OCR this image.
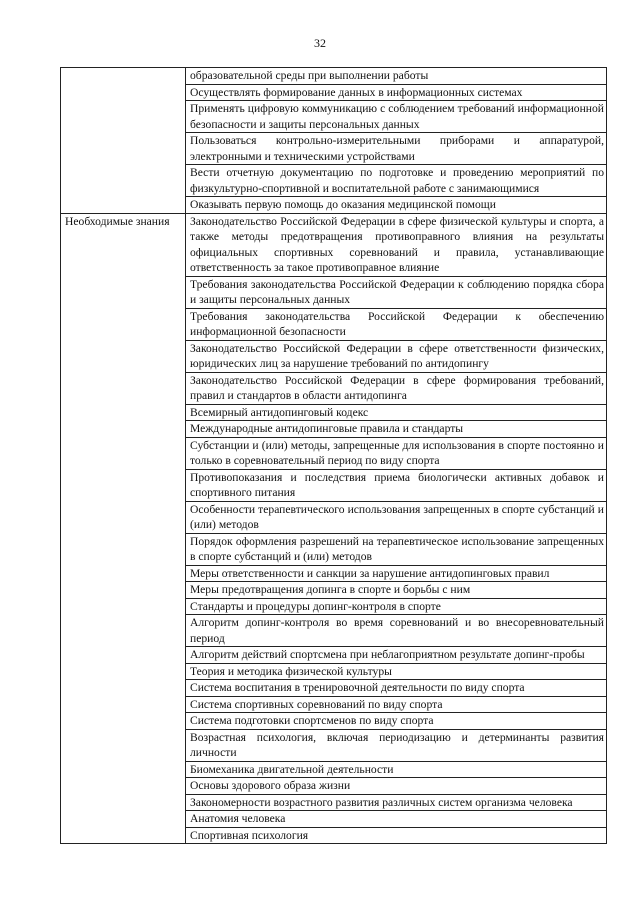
32
	образовательной среды при выполнении работы
	Осуществлять формирование данных в информационных системах
	Применять цифровую коммуникацию с соблюдением требований информационной безопасности и защиты персональных данных
	Пользоваться контрольно-измерительными приборами и аппаратурой, электронными и техническими устройствами
	Вести отчетную документацию по подготовке и проведению мероприятий по физкультурно-спортивной и воспитательной работе с занимающимися
	Оказывать первую помощь до оказания медицинской помощи
Необходимые знания	Законодательство Российской Федерации в сфере физической культуры и спорта, а также методы предотвращения противоправного влияния на результаты официальных спортивных соревнований и правила, устанавливающие ответственность за такое противоправное влияние
	Требования законодательства Российской Федерации к соблюдению порядка сбора и защиты персональных данных
	Требования законодательства Российской Федерации к обеспечению информационной безопасности
	Законодательство Российской Федерации в сфере ответственности физических, юридических лиц за нарушение требований по антидопингу
	Законодательство Российской Федерации в сфере формирования требований, правил и стандартов в области антидопинга
	Всемирный антидопинговый кодекс
	Международные антидопинговые правила и стандарты
	Субстанции и (или) методы, запрещенные для использования в спорте постоянно и только в соревновательный период по виду спорта
	Противопоказания и последствия приема биологически активных добавок и спортивного питания
	Особенности терапевтического использования запрещенных в спорте субстанций и (или) методов
	Порядок оформления разрешений на терапевтическое использование запрещенных в спорте субстанций и (или) методов
	Меры ответственности и санкции за нарушение антидопинговых правил
	Меры предотвращения допинга в спорте и борьбы с ним
	Стандарты и процедуры допинг-контроля в спорте
	Алгоритм допинг-контроля во время соревнований и во внесоревновательный период
	Алгоритм действий спортсмена при неблагоприятном результате допинг-пробы
	Теория и методика физической культуры
	Система воспитания в тренировочной деятельности по виду спорта
	Система спортивных соревнований по виду спорта
	Система подготовки спортсменов по виду спорта
	Возрастная психология, включая периодизацию и детерминанты развития личности
	Биомеханика двигательной деятельности
	Основы здорового образа жизни
	Закономерности возрастного развития различных систем организма человека
	Анатомия человека
	Спортивная психология
